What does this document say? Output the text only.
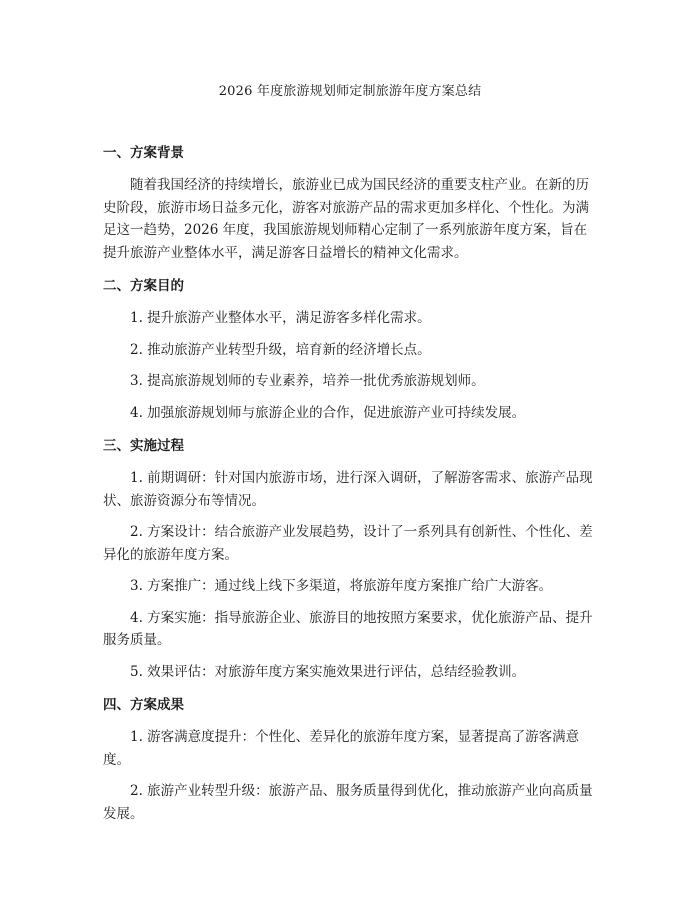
2026 年度旅游规划师定制旅游年度方案总结
一、方案背景

随着我国经济的持续增长，旅游业已成为国民经济的重要支柱产业。在新的历史阶段，旅游市场日益多元化，游客对旅游产品的需求更加多样化、个性化。为满足这一趋势，2026 年度，我国旅游规划师精心定制了一系列旅游年度方案，旨在提升旅游产业整体水平，满足游客日益增长的精神文化需求。

二、方案目的

1. 提升旅游产业整体水平，满足游客多样化需求。

2. 推动旅游产业转型升级，培育新的经济增长点。

3. 提高旅游规划师的专业素养，培养一批优秀旅游规划师。

4. 加强旅游规划师与旅游企业的合作，促进旅游产业可持续发展。

三、实施过程

1. 前期调研：针对国内旅游市场，进行深入调研，了解游客需求、旅游产品现状、旅游资源分布等情况。

2. 方案设计：结合旅游产业发展趋势，设计了一系列具有创新性、个性化、差异化的旅游年度方案。

3. 方案推广：通过线上线下多渠道，将旅游年度方案推广给广大游客。

4. 方案实施：指导旅游企业、旅游目的地按照方案要求，优化旅游产品、提升服务质量。

5. 效果评估：对旅游年度方案实施效果进行评估，总结经验教训。

四、方案成果

1. 游客满意度提升：个性化、差异化的旅游年度方案，显著提高了游客满意度。

2. 旅游产业转型升级：旅游产品、服务质量得到优化，推动旅游产业向高质量发展。
